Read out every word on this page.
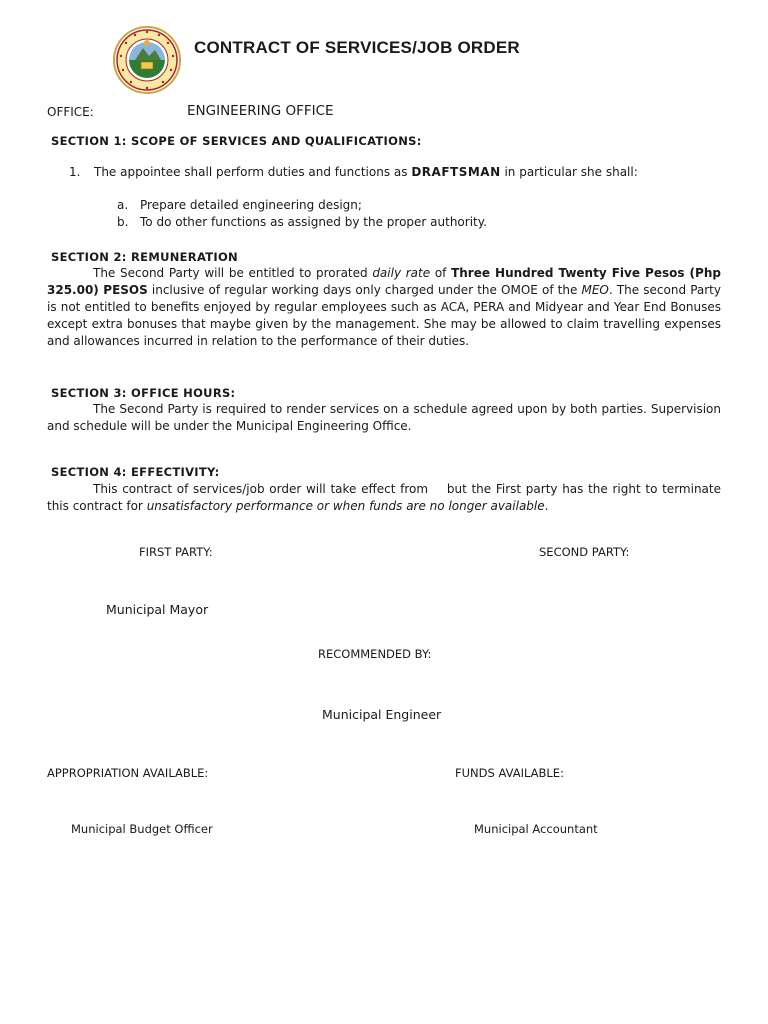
CONTRACT OF SERVICES/JOB ORDER
OFFICE:	ENGINEERING OFFICE
SECTION 1: SCOPE OF SERVICES AND QUALIFICATIONS:
1. The appointee shall perform duties and functions as DRAFTSMAN in particular she shall:
a. Prepare detailed engineering design;
b. To do other functions as assigned by the proper authority.
SECTION 2: REMUNERATION
The Second Party will be entitled to prorated daily rate of Three Hundred Twenty Five Pesos (Php 325.00) PESOS inclusive of regular working days only charged under the OMOE of the MEO. The second Party is not entitled to benefits enjoyed by regular employees such as ACA, PERA and Midyear and Year End Bonuses except extra bonuses that maybe given by the management. She may be allowed to claim travelling expenses and allowances incurred in relation to the performance of their duties.
SECTION 3: OFFICE HOURS:
The Second Party is required to render services on a schedule agreed upon by both parties. Supervision and schedule will be under the Municipal Engineering Office.
SECTION 4: EFFECTIVITY:
This contract of services/job order will take effect from but the First party has the right to terminate this contract for unsatisfactory performance or when funds are no longer available.
FIRST PARTY:	SECOND PARTY:
Municipal Mayor
RECOMMENDED BY:
Municipal Engineer
APPROPRIATION AVAILABLE:	FUNDS AVAILABLE:
Municipal Budget Officer	Municipal Accountant
